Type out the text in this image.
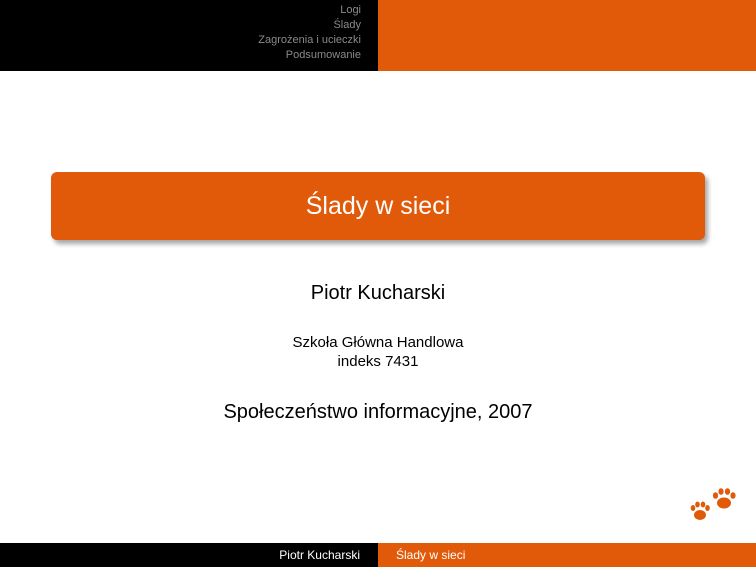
Logi
Ślady
Zagrożenia i ucieczki
Podsumowanie
Ślady w sieci
Piotr Kucharski
Szkoła Główna Handlowa
indeks 7431
Społeczeństwo informacyjne, 2007
Piotr Kucharski	Ślady w sieci
